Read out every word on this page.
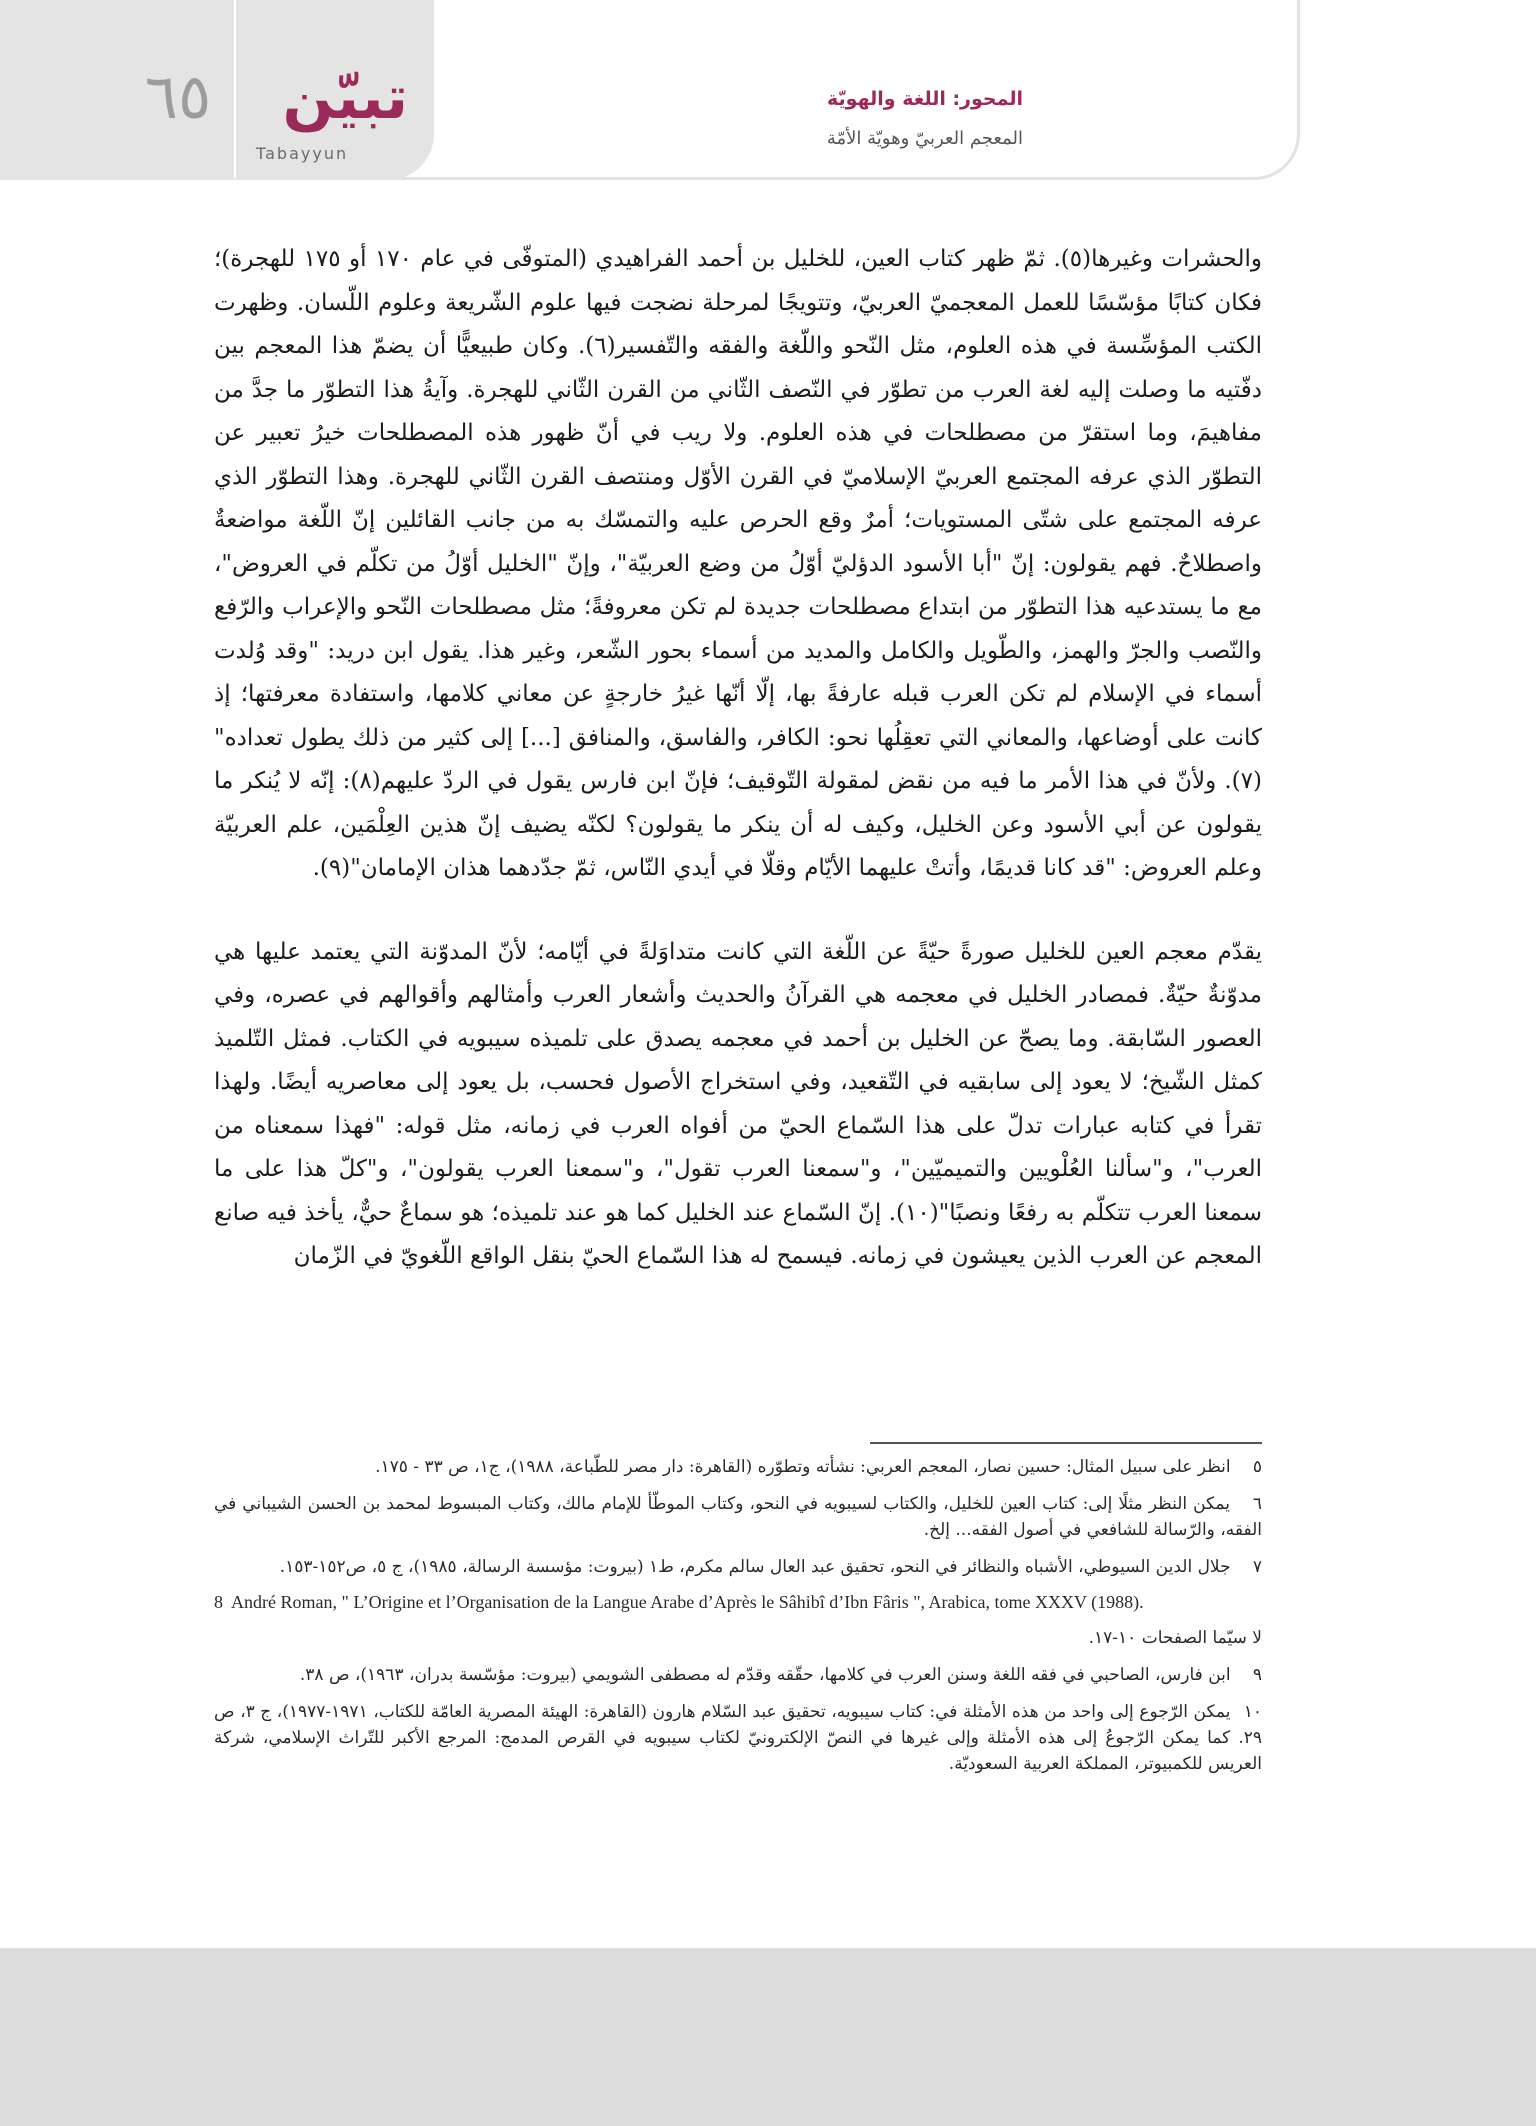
٦٥ تبيّن
Tabayyun
المحور: اللغة والهويّة
المعجم العربيّ وهويّة الأمّة

والحشرات وغيرها(٥). ثمّ ظهر كتاب العين، للخليل بن أحمد الفراهيدي (المتوفّى في عام ١٧٠ أو ١٧٥ للهجرة)؛ فكان كتابًا مؤسّسًا للعمل المعجميّ العربيّ، وتتويجًا لمرحلة نضجت فيها علوم الشّريعة وعلوم اللّسان. وظهرت الكتب المؤسِّسة في هذه العلوم، مثل النّحو واللّغة والفقه والتّفسير(٦). وكان طبيعيًّا أن يضمّ هذا المعجم بين دفّتيه ما وصلت إليه لغة العرب من تطوّر في النّصف الثّاني من القرن الثّاني للهجرة. وآيةُ هذا التطوّر ما جدَّ من مفاهيمَ، وما استقرّ من مصطلحات في هذه العلوم. ولا ريب في أنّ ظهور هذه المصطلحات خيرُ تعبير عن التطوّر الذي عرفه المجتمع العربيّ الإسلاميّ في القرن الأوّل ومنتصف القرن الثّاني للهجرة. وهذا التطوّر الذي عرفه المجتمع على شتّى المستويات؛ أمرٌ وقع الحرص عليه والتمسّك به من جانب القائلين إنّ اللّغة مواضعةٌ واصطلاحٌ. فهم يقولون: إنّ "أبا الأسود الدؤليّ أوّلُ من وضع العربيّة"، وإنّ "الخليل أوّلُ من تكلّم في العروض"، مع ما يستدعيه هذا التطوّر من ابتداع مصطلحات جديدة لم تكن معروفةً؛ مثل مصطلحات النّحو والإعراب والرّفع والنّصب والجرّ والهمز، والطّويل والكامل والمديد من أسماء بحور الشّعر، وغير هذا. يقول ابن دريد: "وقد وُلدت أسماء في الإسلام لم تكن العرب قبله عارفةً بها، إلّا أنّها غيرُ خارجةٍ عن معاني كلامها، واستفادة معرفتها؛ إذ كانت على أوضاعها، والمعاني التي تعقِلُها نحو: الكافر، والفاسق، والمنافق [...] إلى كثير من ذلك يطول تعداده"(٧). ولأنّ في هذا الأمر ما فيه من نقض لمقولة التّوقيف؛ فإنّ ابن فارس يقول في الردّ عليهم(٨): إنّه لا يُنكر ما يقولون عن أبي الأسود وعن الخليل، وكيف له أن ينكر ما يقولون؟ لكنّه يضيف إنّ هذين العِلْمَين، علم العربيّة وعلم العروض: "قد كانا قديمًا، وأتتْ عليهما الأيّام وقلّا في أيدي النّاس، ثمّ جدّدهما هذان الإمامان"(٩).

يقدّم معجم العين للخليل صورةً حيّةً عن اللّغة التي كانت متداوَلةً في أيّامه؛ لأنّ المدوّنة التي يعتمد عليها هي مدوّنةٌ حيّةٌ. فمصادر الخليل في معجمه هي القرآنُ والحديث وأشعار العرب وأمثالهم وأقوالهم في عصره، وفي العصور السّابقة. وما يصحّ عن الخليل بن أحمد في معجمه يصدق على تلميذه سيبويه في الكتاب. فمثل التّلميذ كمثل الشّيخ؛ لا يعود إلى سابقيه في التّقعيد، وفي استخراج الأصول فحسب، بل يعود إلى معاصريه أيضًا. ولهذا تقرأ في كتابه عبارات تدلّ على هذا السّماع الحيّ من أفواه العرب في زمانه، مثل قوله: "فهذا سمعناه من العرب"، و"سألنا العُلْويين والتميميّين"، و"سمعنا العرب تقول"، و"سمعنا العرب يقولون"، و"كلّ هذا على ما سمعنا العرب تتكلّم به رفعًا ونصبًا"(١٠). إنّ السّماع عند الخليل كما هو عند تلميذه؛ هو سماعٌ حيٌّ، يأخذ فيه صانع المعجم عن العرب الذين يعيشون في زمانه. فيسمح له هذا السّماع الحيّ بنقل الواقع اللّغويّ في الزّمان

٥ انظر على سبيل المثال: حسين نصار، المعجم العربي: نشأته وتطوّره (القاهرة: دار مصر للطّباعة، ١٩٨٨)، ج١، ص ٣٣ - ١٧٥.

٦ يمكن النظر مثلًا إلى: كتاب العين للخليل، والكتاب لسيبويه في النحو، وكتاب الموطّأ للإمام مالك، وكتاب المبسوط لمحمد بن الحسن الشيباني في الفقه، والرّسالة للشافعي في أصول الفقه... إلخ.

٧ جلال الدين السيوطي، الأشباه والنظائر في النحو، تحقيق عبد العال سالم مكرم، ط١ (بيروت: مؤسسة الرسالة، ١٩٨٥)، ج ٥، ص١٥٢-١٥٣.

8 André Roman, " L’Origine et l’Organisation de la Langue Arabe d’Après le Sâhibî d’Ibn Fâris ", Arabica, tome XXXV (1988).

لا سيّما الصفحات ١٠-١٧.

٩ ابن فارس، الصاحبي في فقه اللغة وسنن العرب في كلامها، حقّقه وقدّم له مصطفى الشويمي (بيروت: مؤسّسة بدران، ١٩٦٣)، ص ٣٨.

١٠ يمكن الرّجوع إلى واحد من هذه الأمثلة في: كتاب سيبويه، تحقيق عبد السّلام هارون (القاهرة: الهيئة المصرية العامّة للكتاب، ١٩٧١-١٩٧٧)، ج ٣، ص ٢٩. كما يمكن الرّجوعُ إلى هذه الأمثلة وإلى غيرها في النصّ الإلكترونيّ لكتاب سيبويه في القرص المدمج: المرجع الأكبر للتّراث الإسلامي، شركة العريس للكمبيوتر، المملكة العربية السعوديّة.
